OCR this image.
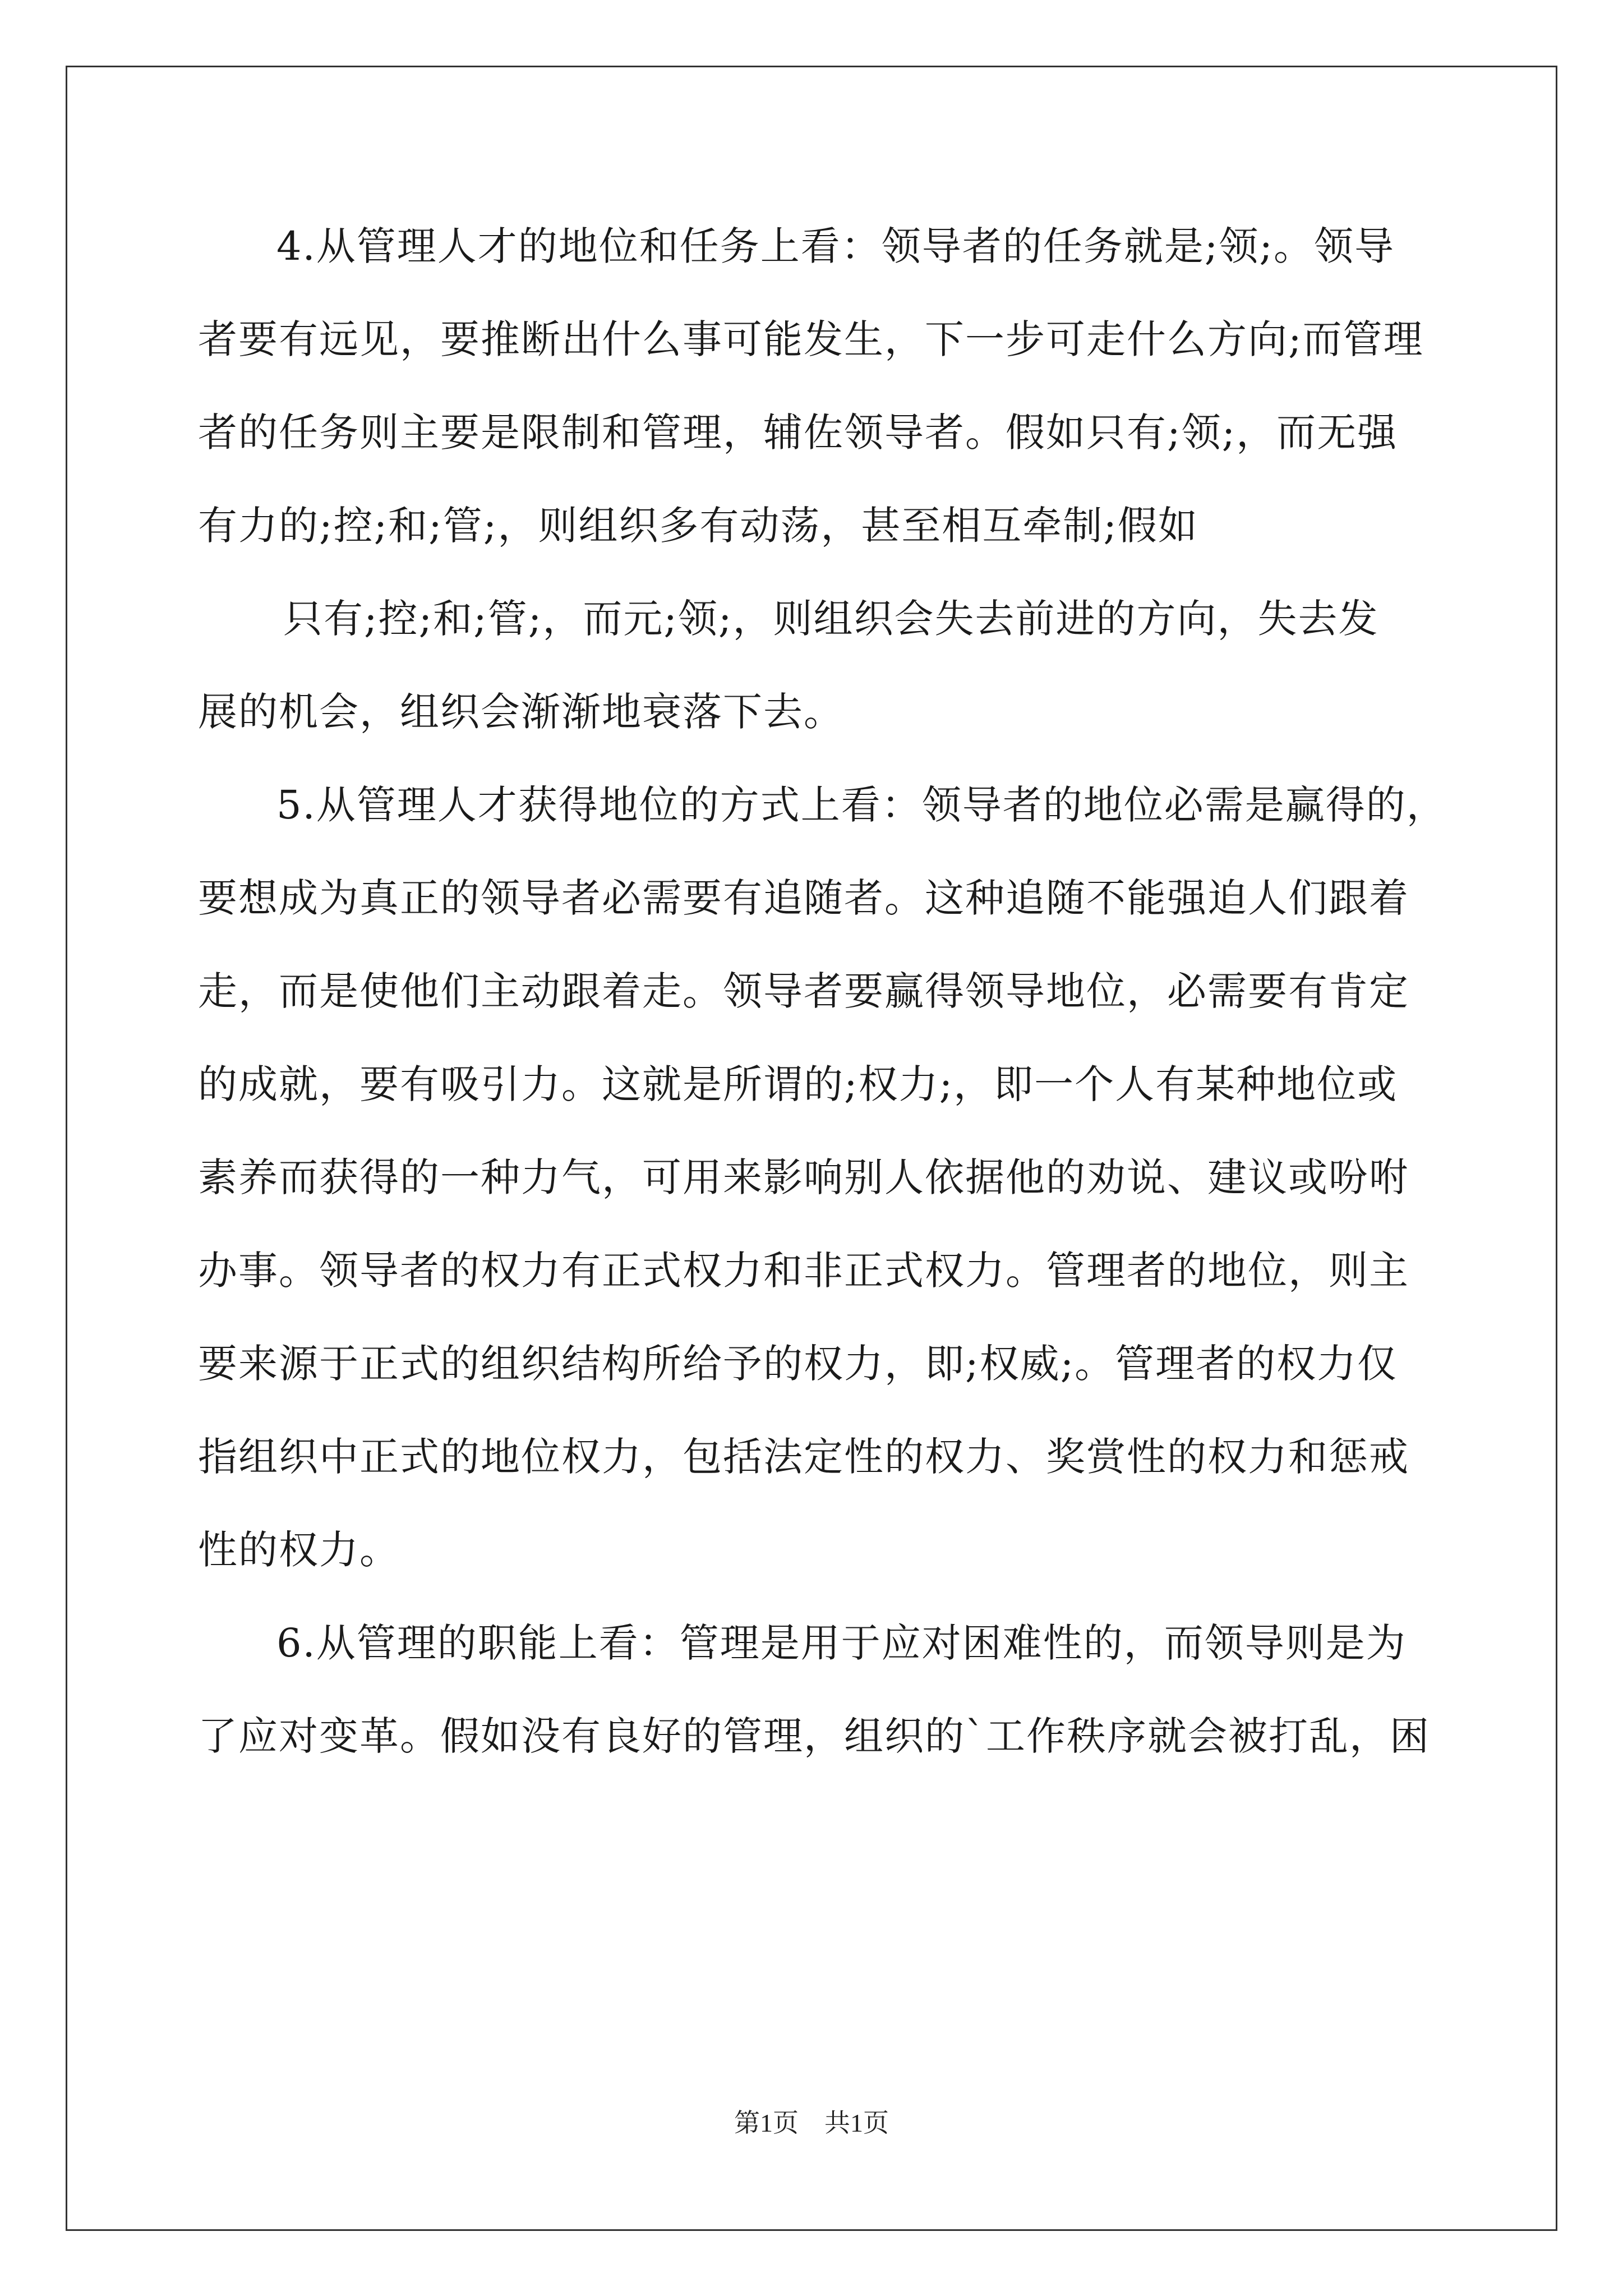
4.从管理人才的地位和任务上看：领导者的任务就是;领;。领导
者要有远见，要推断出什么事可能发生，下一步可走什么方向;而管理
者的任务则主要是限制和管理，辅佐领导者。假如只有;领;，而无强
有力的;控;和;管;，则组织多有动荡，甚至相互牵制;假如
只有;控;和;管;，而元;领;，则组织会失去前进的方向，失去发
展的机会，组织会渐渐地衰落下去。
5.从管理人才获得地位的方式上看：领导者的地位必需是赢得的，
要想成为真正的领导者必需要有追随者。这种追随不能强迫人们跟着
走，而是使他们主动跟着走。领导者要赢得领导地位，必需要有肯定
的成就，要有吸引力。这就是所谓的;权力;，即一个人有某种地位或
素养而获得的一种力气，可用来影响别人依据他的劝说、建议或吩咐
办事。领导者的权力有正式权力和非正式权力。管理者的地位，则主
要来源于正式的组织结构所给予的权力，即;权威;。管理者的权力仅
指组织中正式的地位权力，包括法定性的权力、奖赏性的权力和惩戒
性的权力。
6.从管理的职能上看：管理是用于应对困难性的，而领导则是为
了应对变革。假如没有良好的管理，组织的`工作秩序就会被打乱，困
第1页 共1页
